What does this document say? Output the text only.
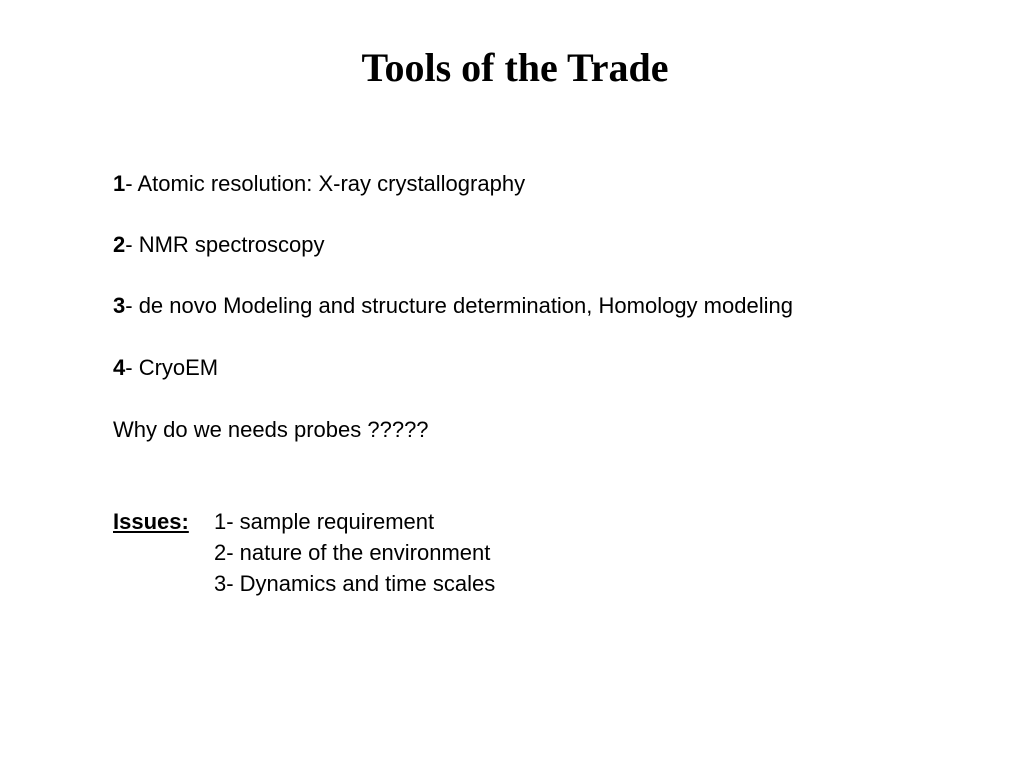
Tools of the Trade
1- Atomic resolution: X-ray crystallography
2- NMR spectroscopy
3- de novo Modeling and structure determination, Homology modeling
4- CryoEM
Why do we needs probes ?????
Issues: 1- sample requirement
2- nature of the environment
3- Dynamics and time scales
